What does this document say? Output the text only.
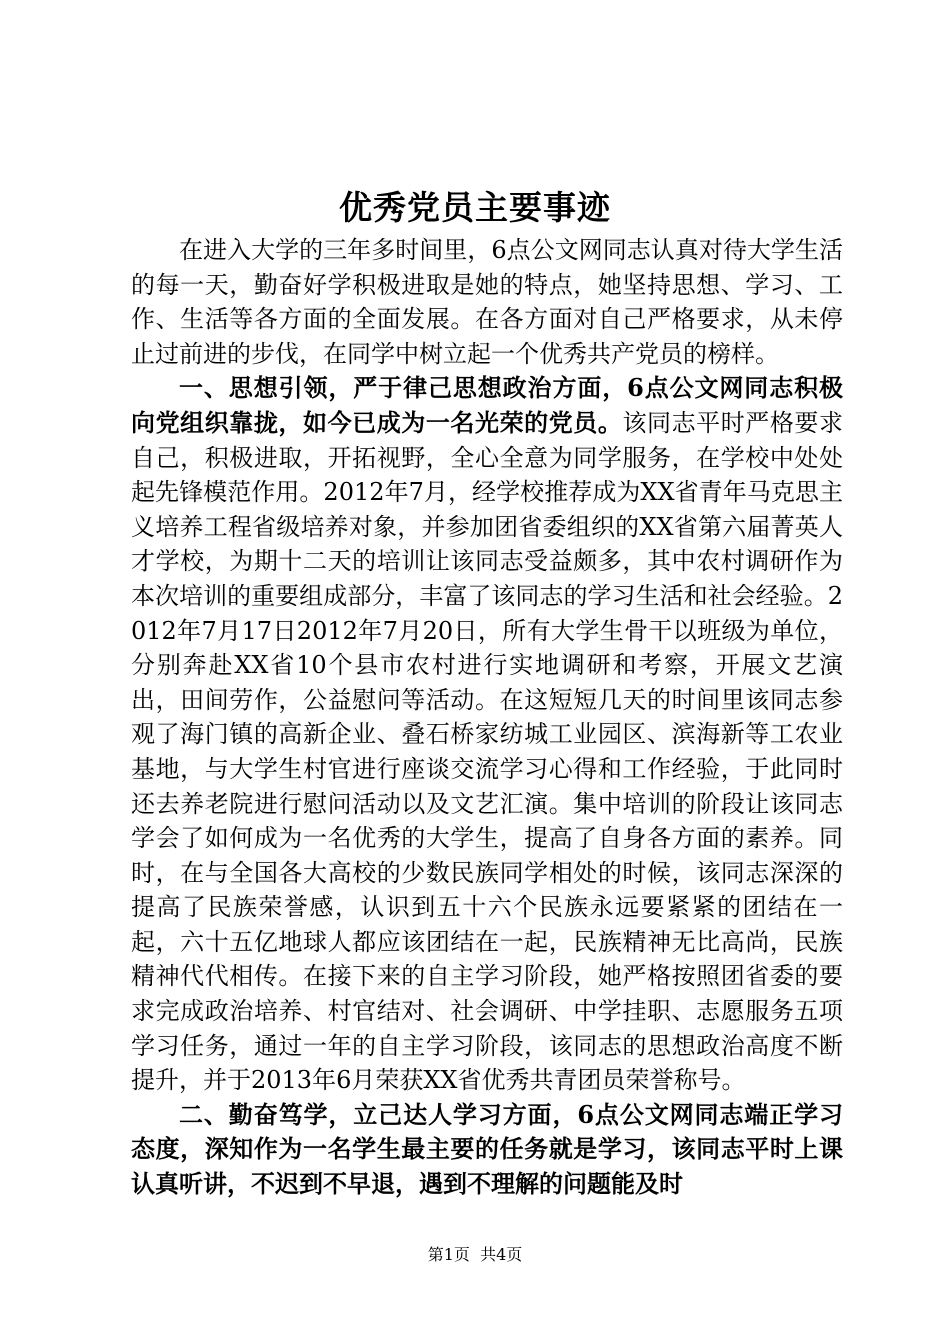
优秀党员主要事迹

在进入大学的三年多时间里，6点公文网同志认真对待大学生活的每一天，勤奋好学积极进取是她的特点，她坚持思想、学习、工作、生活等各方面的全面发展。在各方面对自己严格要求，从未停止过前进的步伐，在同学中树立起一个优秀共产党员的榜样。

一、思想引领，严于律己思想政治方面，6点公文网同志积极向党组织靠拢，如今已成为一名光荣的党员。该同志平时严格要求自己，积极进取，开拓视野，全心全意为同学服务，在学校中处处起先锋模范作用。2012年7月，经学校推荐成为XX省青年马克思主义培养工程省级培养对象，并参加团省委组织的XX省第六届菁英人才学校，为期十二天的培训让该同志受益颇多，其中农村调研作为本次培训的重要组成部分，丰富了该同志的学习生活和社会经验。2012年7月17日2012年7月20日，所有大学生骨干以班级为单位，分别奔赴XX省10个县市农村进行实地调研和考察，开展文艺演出，田间劳作，公益慰问等活动。在这短短几天的时间里该同志参观了海门镇的高新企业、叠石桥家纺城工业园区、滨海新等工农业基地，与大学生村官进行座谈交流学习心得和工作经验，于此同时还去养老院进行慰问活动以及文艺汇演。集中培训的阶段让该同志学会了如何成为一名优秀的大学生，提高了自身各方面的素养。同时，在与全国各大高校的少数民族同学相处的时候，该同志深深的提高了民族荣誉感，认识到五十六个民族永远要紧紧的团结在一起，六十五亿地球人都应该团结在一起，民族精神无比高尚，民族精神代代相传。在接下来的自主学习阶段，她严格按照团省委的要求完成政治培养、村官结对、社会调研、中学挂职、志愿服务五项学习任务，通过一年的自主学习阶段，该同志的思想政治高度不断提升，并于2013年6月荣获XX省优秀共青团员荣誉称号。

二、勤奋笃学，立己达人学习方面，6点公文网同志端正学习态度，深知作为一名学生最主要的任务就是学习，该同志平时上课认真听讲，不迟到不早退，遇到不理解的问题能及时

第1页 共4页
